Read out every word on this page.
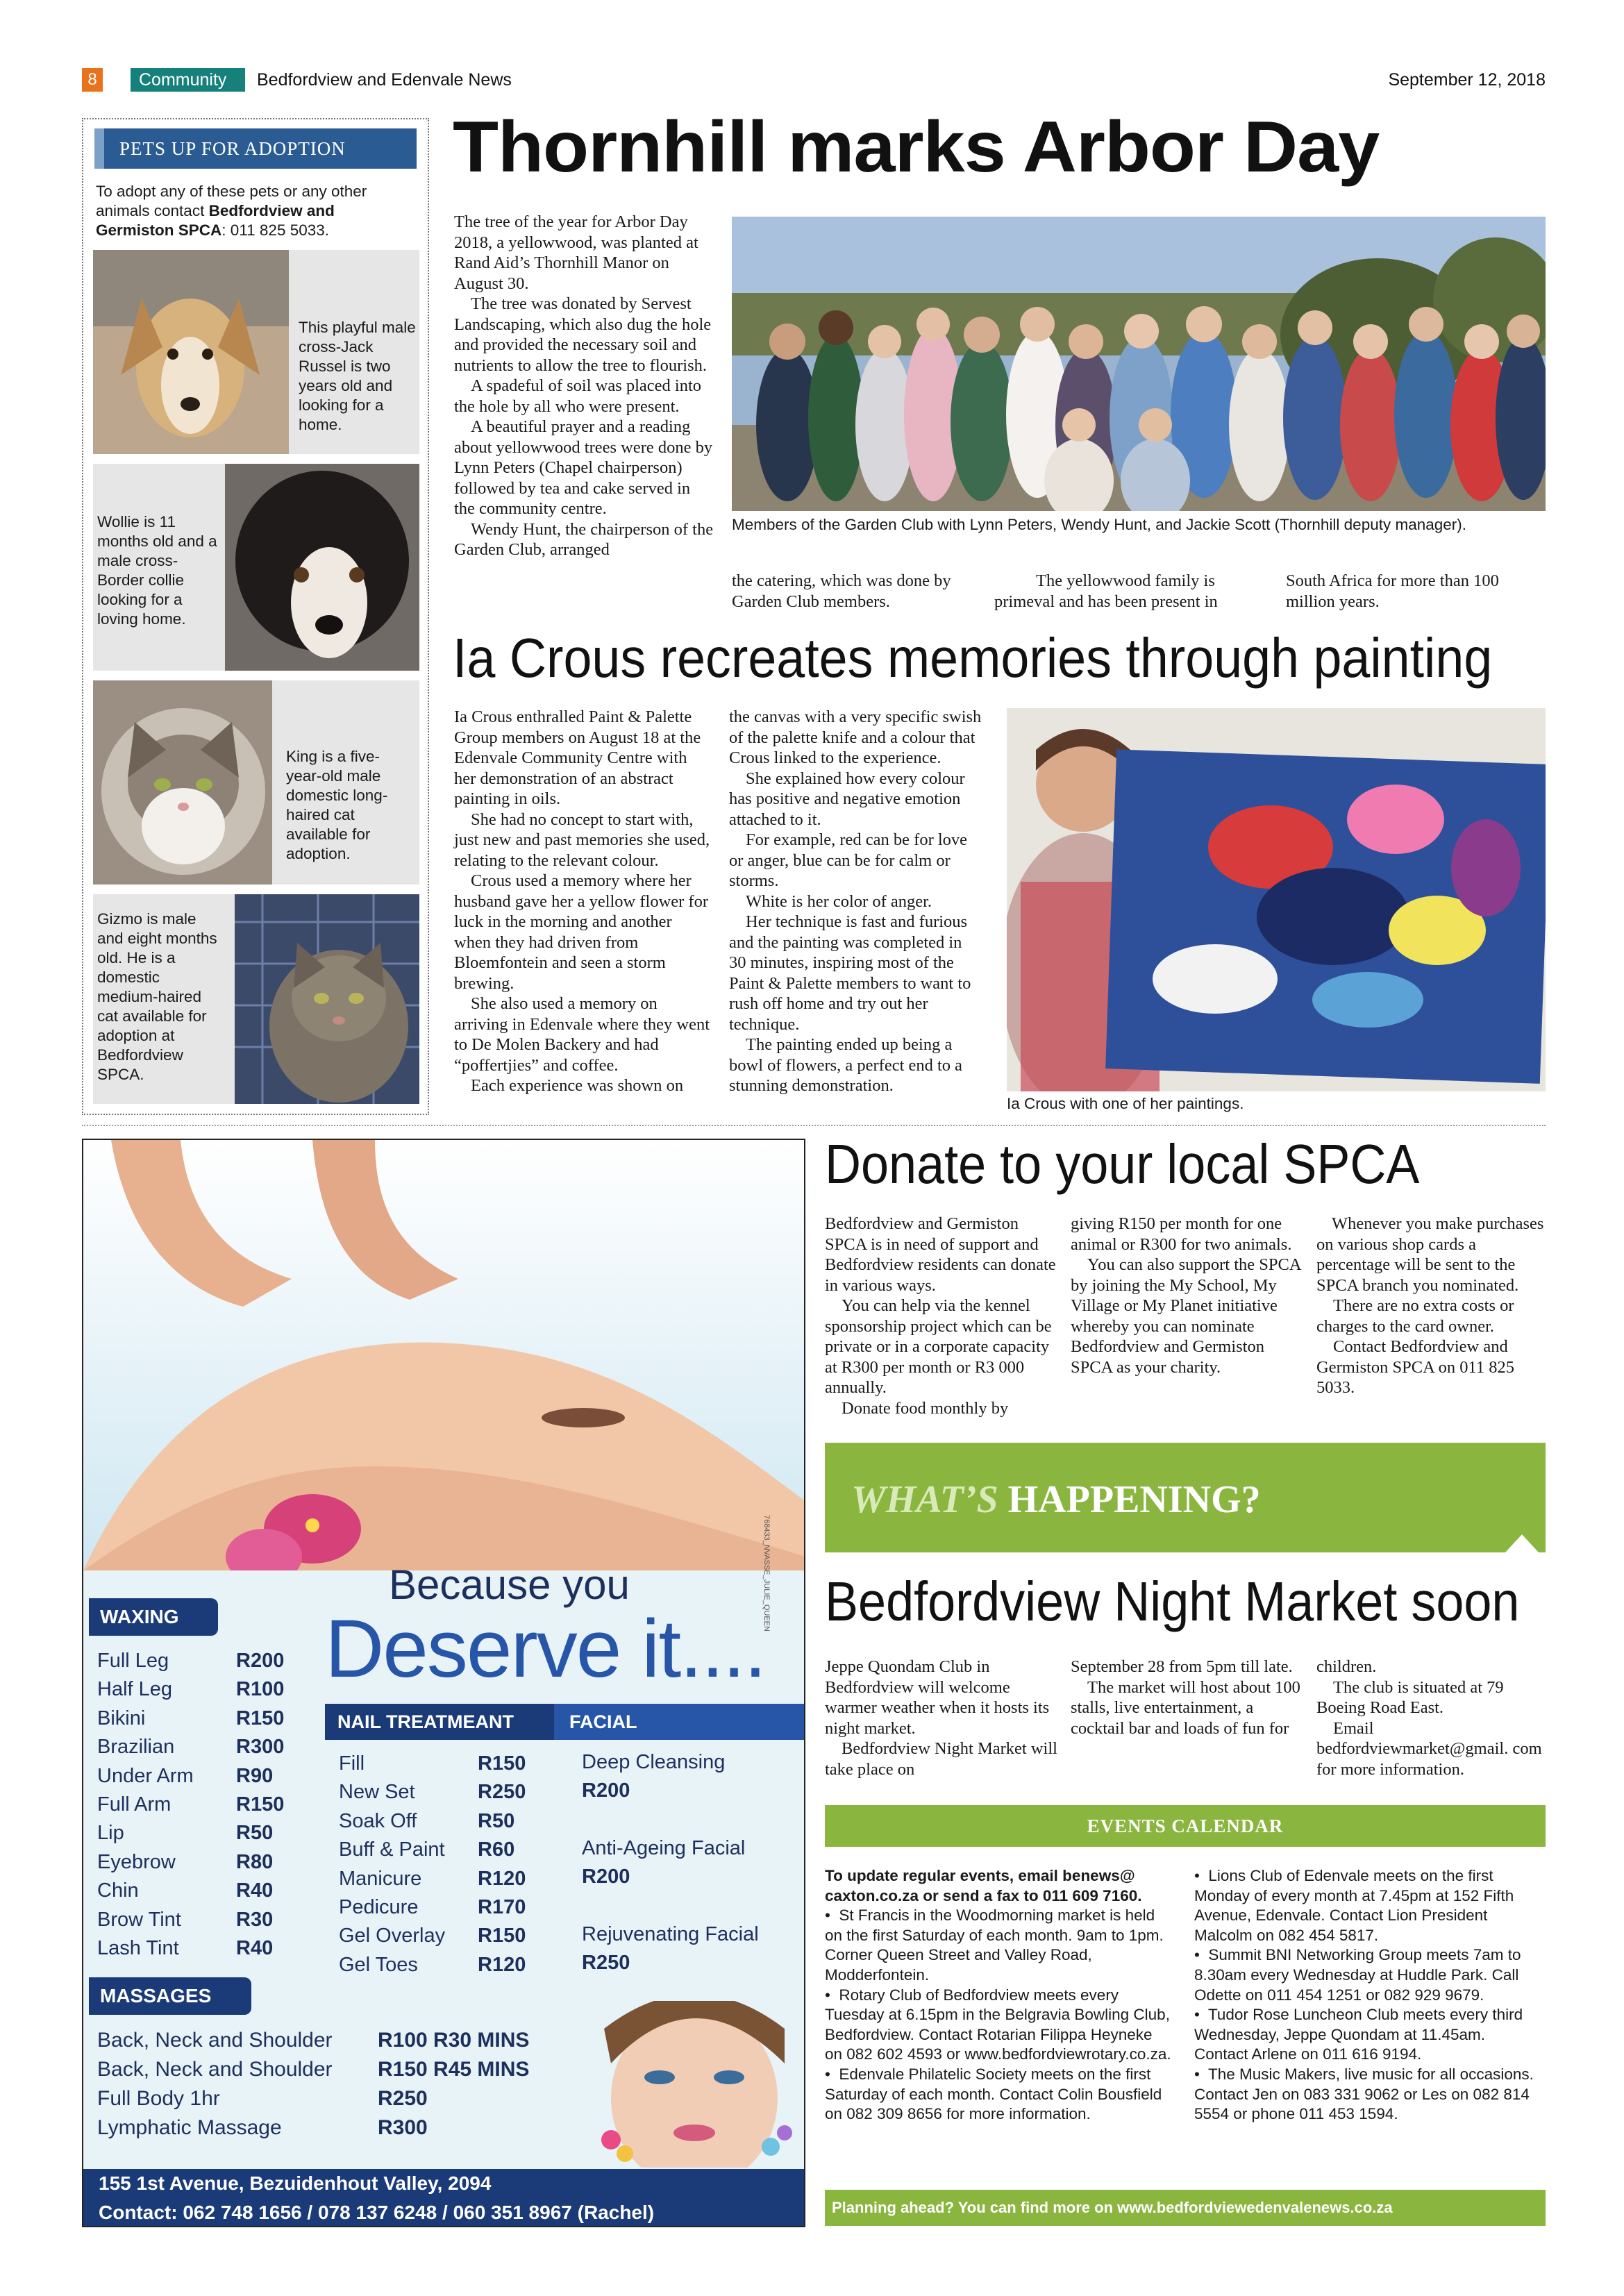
8	Community	Bedfordview and Edenvale News	September 12, 2018
PETS UP FOR ADOPTION
To adopt any of these pets or any other animals contact Bedfordview and Germiston SPCA: 011 825 5033.
This playful male cross-Jack Russel is two years old and looking for a home.
Wollie is 11 months old and a male cross-Border collie looking for a loving home.
King is a five-year-old male domestic long-haired cat available for adoption.
Gizmo is male and eight months old. He is a domestic medium-haired cat available for adoption at Bedfordview SPCA.
Thornhill marks Arbor Day

The tree of the year for Arbor Day 2018, a yellowwood, was planted at Rand Aid’s Thornhill Manor on August 30.

The tree was donated by Servest Landscaping, which also dug the hole and provided the necessary soil and nutrients to allow the tree to flourish.

A spadeful of soil was placed into the hole by all who were present.

A beautiful prayer and a reading about yellowwood trees were done by Lynn Peters (Chapel chairperson) followed by tea and cake served in the community centre.

Wendy Hunt, the chairperson of the Garden Club, arranged

Members of the Garden Club with Lynn Peters, Wendy Hunt, and Jackie Scott (Thornhill deputy manager).

the catering, which was done by Garden Club members.

The yellowwood family is primeval and has been present in

South Africa for more than 100 million years.

Ia Crous recreates memories through painting

Ia Crous enthralled Paint & Palette Group members on August 18 at the Edenvale Community Centre with her demonstration of an abstract painting in oils.

She had no concept to start with, just new and past memories she used, relating to the relevant colour.

Crous used a memory where her husband gave her a yellow flower for luck in the morning and another when they had driven from Bloemfontein and seen a storm brewing.

She also used a memory on arriving in Edenvale where they went to De Molen Backery and had “poffertjies” and coffee.

Each experience was shown on

the canvas with a very specific swish of the palette knife and a colour that Crous linked to the experience.

She explained how every colour has positive and negative emotion attached to it.

For example, red can be for love or anger, blue can be for calm or storms.

White is her color of anger.

Her technique is fast and furious and the painting was completed in 30 minutes, inspiring most of the Paint & Palette members to want to rush off home and try out her technique.

The painting ended up being a bowl of flowers, a perfect end to a stunning demonstration.

Ia Crous with one of her paintings.
768433_NVASSE_JULIE_QUEEN
Because you
Deserve it....
WAXING
Full Leg	R200
Half Leg	R100
Bikini	R150
Brazilian	R300
Under Arm R90
Full Arm	R150
Lip	R50
Eyebrow	R80
Chin	R40
Brow Tint	R30
Lash Tint	R40
NAIL TREATMEANT	FACIAL
Fill	R150
New Set	R250
Soak Off	R50
Buff & Paint R60
Manicure	R120
Pedicure	R170
Gel Overlay R150
Gel Toes	R120
Deep Cleansing
R200
Anti-Ageing Facial
R200
Rejuvenating Facial
R250
MASSAGES
Back, Neck and Shoulder R100 R30 MINS
Back, Neck and Shoulder R150 R45 MINS
Full Body 1hr	R250
Lymphatic Massage	R300
155 1st Avenue, Bezuidenhout Valley, 2094
Contact: 062 748 1656 / 078 137 6248 / 060 351 8967 (Rachel)
Donate to your local SPCA

Bedfordview and Germiston SPCA is in need of support and Bedfordview residents can donate in various ways.

You can help via the kennel sponsorship project which can be private or in a corporate capacity at R300 per month or R3 000 annually.

Donate food monthly by

giving R150 per month for one animal or R300 for two animals.

You can also support the SPCA by joining the My School, My Village or My Planet initiative whereby you can nominate Bedfordview and Germiston SPCA as your charity.

Whenever you make purchases on various shop cards a percentage will be sent to the SPCA branch you nominated.

There are no extra costs or charges to the card owner.

Contact Bedfordview and Germiston SPCA on 011 825 5033.

WHAT’S HAPPENING?
Bedfordview Night Market soon

Jeppe Quondam Club in Bedfordview will welcome warmer weather when it hosts its night market.

Bedfordview Night Market will take place on

September 28 from 5pm till late.

The market will host about 100 stalls, live entertainment, a cocktail bar and loads of fun for

children.

The club is situated at 79 Boeing Road East.

Email bedfordviewmarket@gmail. com for more information.

EVENTS CALENDAR

To update regular events, email benews@ caxton.co.za or send a fax to 011 609 7160.

•  St Francis in the Woodmorning market is held on the first Saturday of each month. 9am to 1pm. Corner Queen Street and Valley Road, Modderfontein.

•  Rotary Club of Bedfordview meets every Tuesday at 6.15pm in the Belgravia Bowling Club, Bedfordview. Contact Rotarian Filippa Heyneke on 082 602 4593 or www.bedfordviewrotary.co.za.

•  Edenvale Philatelic Society meets on the first Saturday of each month. Contact Colin Bousfield on 082 309 8656 for more information.

•  Lions Club of Edenvale meets on the first Monday of every month at 7.45pm at 152 Fifth Avenue, Edenvale. Contact Lion President Malcolm on 082 454 5817.

•  Summit BNI Networking Group meets 7am to 8.30am every Wednesday at Huddle Park. Call Odette on 011 454 1251 or 082 929 9679.

•  Tudor Rose Luncheon Club meets every third Wednesday, Jeppe Quondam at 11.45am. Contact Arlene on 011 616 9194.

•  The Music Makers, live music for all occasions. Contact Jen on 083 331 9062 or Les on 082 814 5554 or phone 011 453 1594.

Planning ahead? You can find more on www.bedfordviewedenvalenews.co.za
